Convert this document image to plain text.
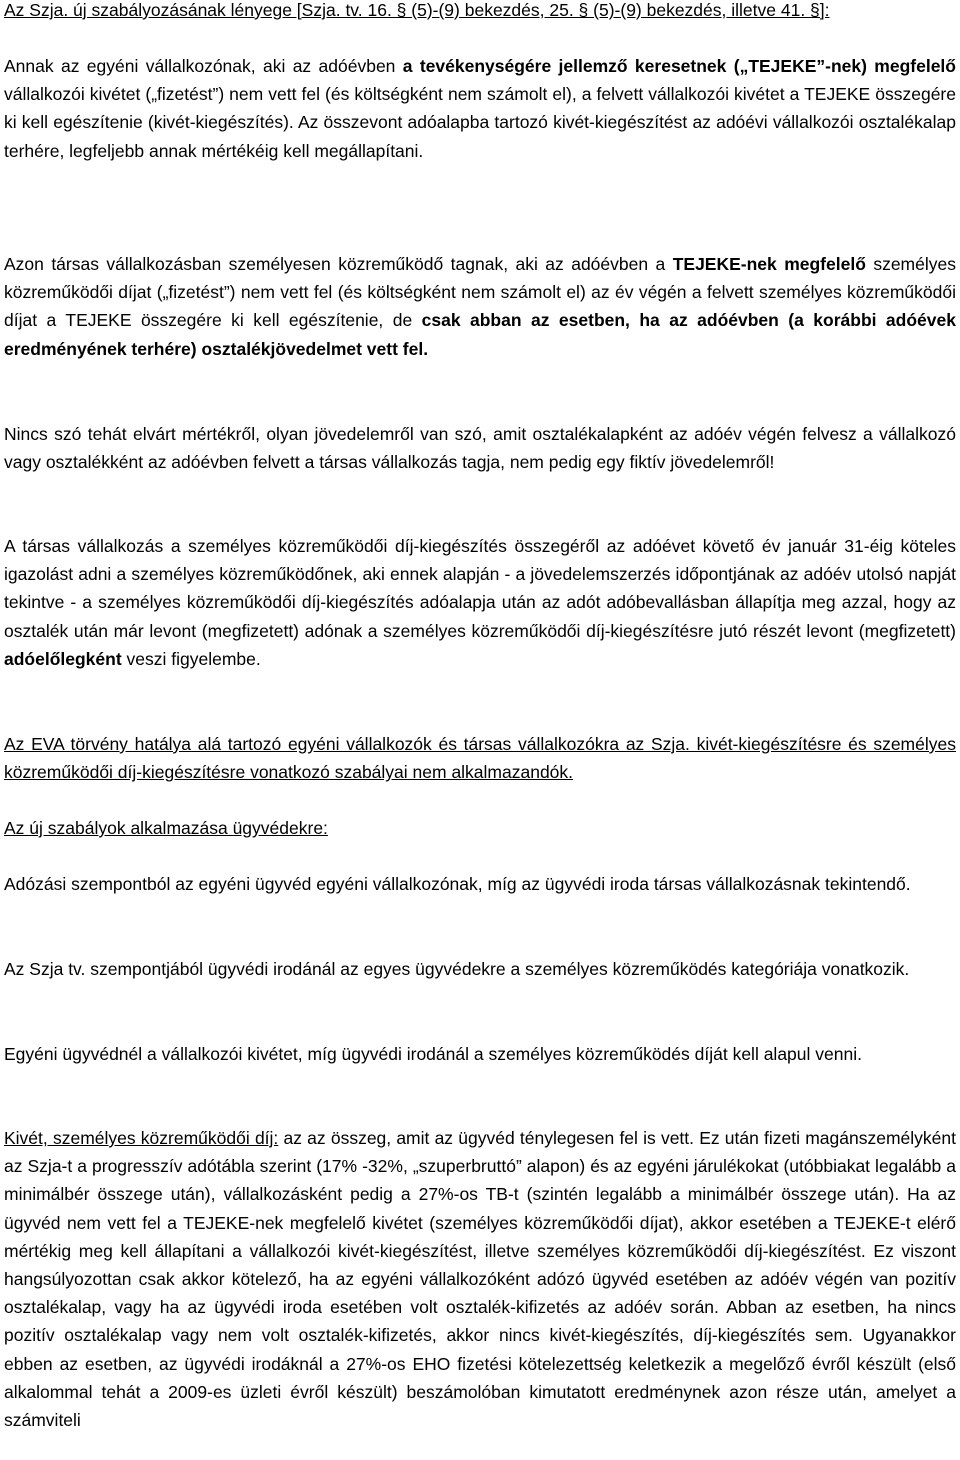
Az Szja. új szabályozásának lényege [Szja. tv. 16. § (5)-(9) bekezdés, 25. § (5)-(9) bekezdés, illetve 41. §]:

Annak az egyéni vállalkozónak, aki az adóévben a tevékenységére jellemző keresetnek („TEJEKE”-nek) megfelelő vállalkozói kivétet („fizetést”) nem vett fel (és költségként nem számolt el), a felvett vállalkozói kivétet a TEJEKE összegére ki kell egészítenie (kivét-kiegészítés). Az összevont adóalapba tartozó kivét-kiegészítést az adóévi vállalkozói osztalékalap terhére, legfeljebb annak mértékéig kell megállapítani.

Azon társas vállalkozásban személyesen közreműködő tagnak, aki az adóévben a TEJEKE-nek megfelelő személyes közreműködői díjat („fizetést”) nem vett fel (és költségként nem számolt el) az év végén a felvett személyes közreműködői díjat a TEJEKE összegére ki kell egészítenie, de csak abban az esetben, ha az adóévben (a korábbi adóévek eredményének terhére) osztalékjövedelmet vett fel.

Nincs szó tehát elvárt mértékről, olyan jövedelemről van szó, amit osztalékalapként az adóév végén felvesz a vállalkozó vagy osztalékként az adóévben felvett a társas vállalkozás tagja, nem pedig egy fiktív jövedelemről!

A társas vállalkozás a személyes közreműködői díj-kiegészítés összegéről az adóévet követő év január 31-éig köteles igazolást adni a személyes közreműködőnek, aki ennek alapján - a jövedelemszerzés időpontjának az adóév utolsó napját tekintve - a személyes közreműködői díj-kiegészítés adóalapja után az adót adóbevallásban állapítja meg azzal, hogy az osztalék után már levont (megfizetett) adónak a személyes közreműködői díj-kiegészítésre jutó részét levont (megfizetett) adóelőlegként veszi figyelembe.

Az EVA törvény hatálya alá tartozó egyéni vállalkozók és társas vállalkozókra az Szja. kivét-kiegészítésre és személyes közreműködői díj-kiegészítésre vonatkozó szabályai nem alkalmazandók.

Az új szabályok alkalmazása ügyvédekre:

Adózási szempontból az egyéni ügyvéd egyéni vállalkozónak, míg az ügyvédi iroda társas vállalkozásnak tekintendő.

Az Szja tv. szempontjából ügyvédi irodánál az egyes ügyvédekre a személyes közreműködés kategóriája vonatkozik.

Egyéni ügyvédnél a vállalkozói kivétet, míg ügyvédi irodánál a személyes közreműködés díját kell alapul venni.

Kivét, személyes közreműködői díj: az az összeg, amit az ügyvéd ténylegesen fel is vett. Ez után fizeti magánszemélyként az Szja-t a progresszív adótábla szerint (17% -32%, „szuperbruttó” alapon) és az egyéni járulékokat (utóbbiakat legalább a minimálbér összege után), vállalkozásként pedig a 27%-os TB-t (szintén legalább a minimálbér összege után). Ha az ügyvéd nem vett fel a TEJEKE-nek megfelelő kivétet (személyes közreműködői díjat), akkor esetében a TEJEKE-t elérő mértékig meg kell állapítani a vállalkozói kivét-kiegészítést, illetve személyes közreműködői díj-kiegészítést. Ez viszont hangsúlyozottan csak akkor kötelező, ha az egyéni vállalkozóként adózó ügyvéd esetében az adóév végén van pozitív osztalékalap, vagy ha az ügyvédi iroda esetében volt osztalék-kifizetés az adóév során. Abban az esetben, ha nincs pozitív osztalékalap vagy nem volt osztalék-kifizetés, akkor nincs kivét-kiegészítés, díj-kiegészítés sem. Ugyanakkor ebben az esetben, az ügyvédi irodáknál a 27%-os EHO fizetési kötelezettség keletkezik a megelőző évről készült (első alkalommal tehát a 2009-es üzleti évről készült) beszámolóban kimutatott eredménynek azon része után, amelyet a számviteli
